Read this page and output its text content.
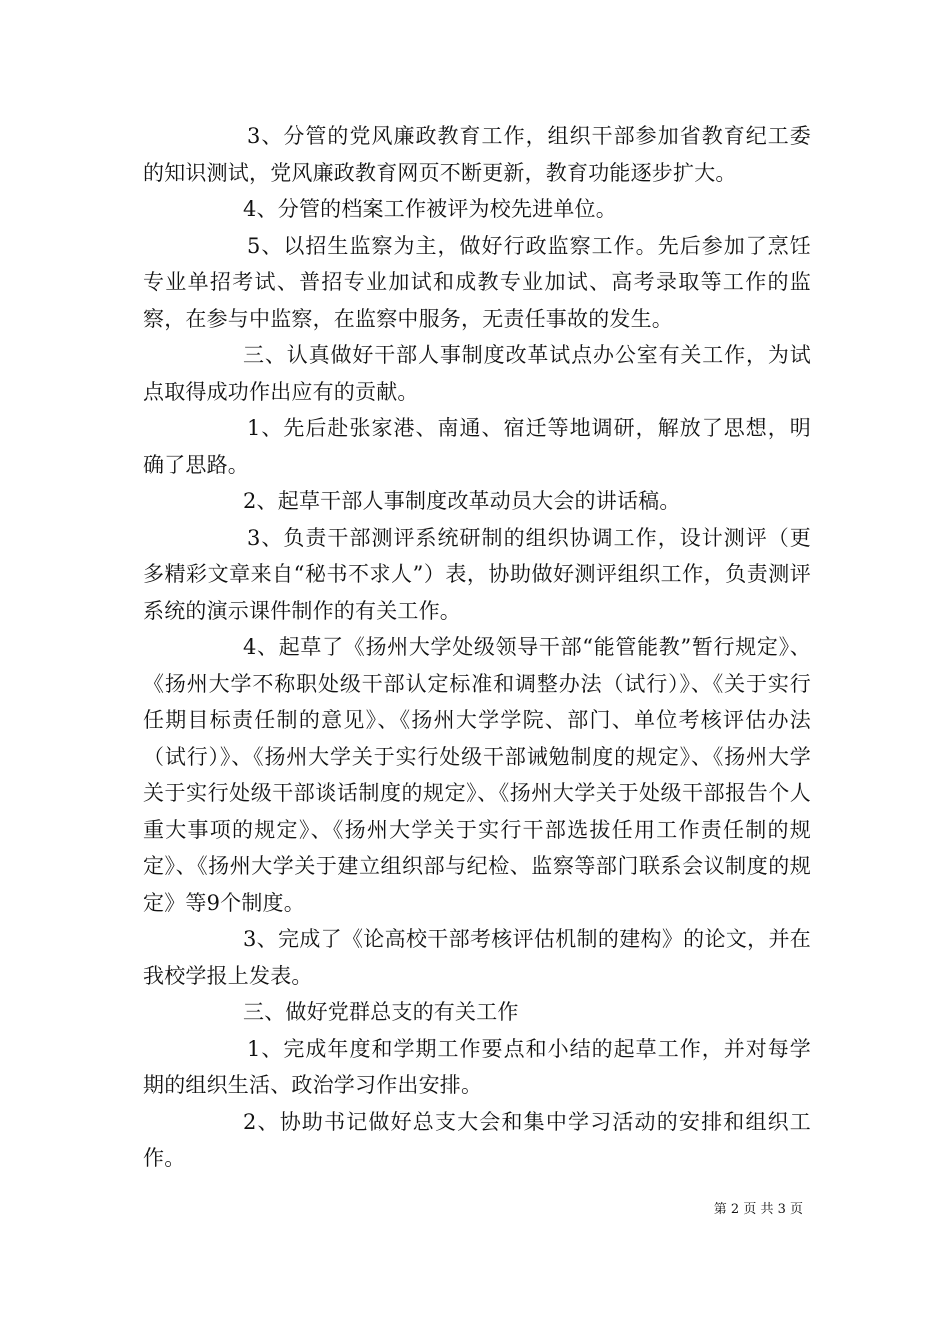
3、分管的党风廉政教育工作，组织干部参加省教育纪工委的知识测试，党风廉政教育网页不断更新，教育功能逐步扩大。

4、分管的档案工作被评为校先进单位。

5、以招生监察为主，做好行政监察工作。先后参加了烹饪专业单招考试、普招专业加试和成教专业加试、高考录取等工作的监察，在参与中监察，在监察中服务，无责任事故的发生。

三、认真做好干部人事制度改革试点办公室有关工作，为试点取得成功作出应有的贡献。

1、先后赴张家港、南通、宿迁等地调研，解放了思想，明确了思路。

2、起草干部人事制度改革动员大会的讲话稿。

3、负责干部测评系统研制的组织协调工作，设计测评（更多精彩文章来自“秘书不求人”）表，协助做好测评组织工作，负责测评系统的演示课件制作的有关工作。

4、起草了《扬州大学处级领导干部“能管能教”暂行规定》、《扬州大学不称职处级干部认定标准和调整办法（试行）》、《关于实行任期目标责任制的意见》、《扬州大学学院、部门、单位考核评估办法（试行）》、《扬州大学关于实行处级干部诫勉制度的规定》、《扬州大学关于实行处级干部谈话制度的规定》、《扬州大学关于处级干部报告个人重大事项的规定》、《扬州大学关于实行干部选拔任用工作责任制的规定》、《扬州大学关于建立组织部与纪检、监察等部门联系会议制度的规定》等9个制度。

3、完成了《论高校干部考核评估机制的建构》的论文，并在我校学报上发表。

三、做好党群总支的有关工作

1、完成年度和学期工作要点和小结的起草工作，并对每学期的组织生活、政治学习作出安排。

2、协助书记做好总支大会和集中学习活动的安排和组织工作。

第 2 页 共 3 页
